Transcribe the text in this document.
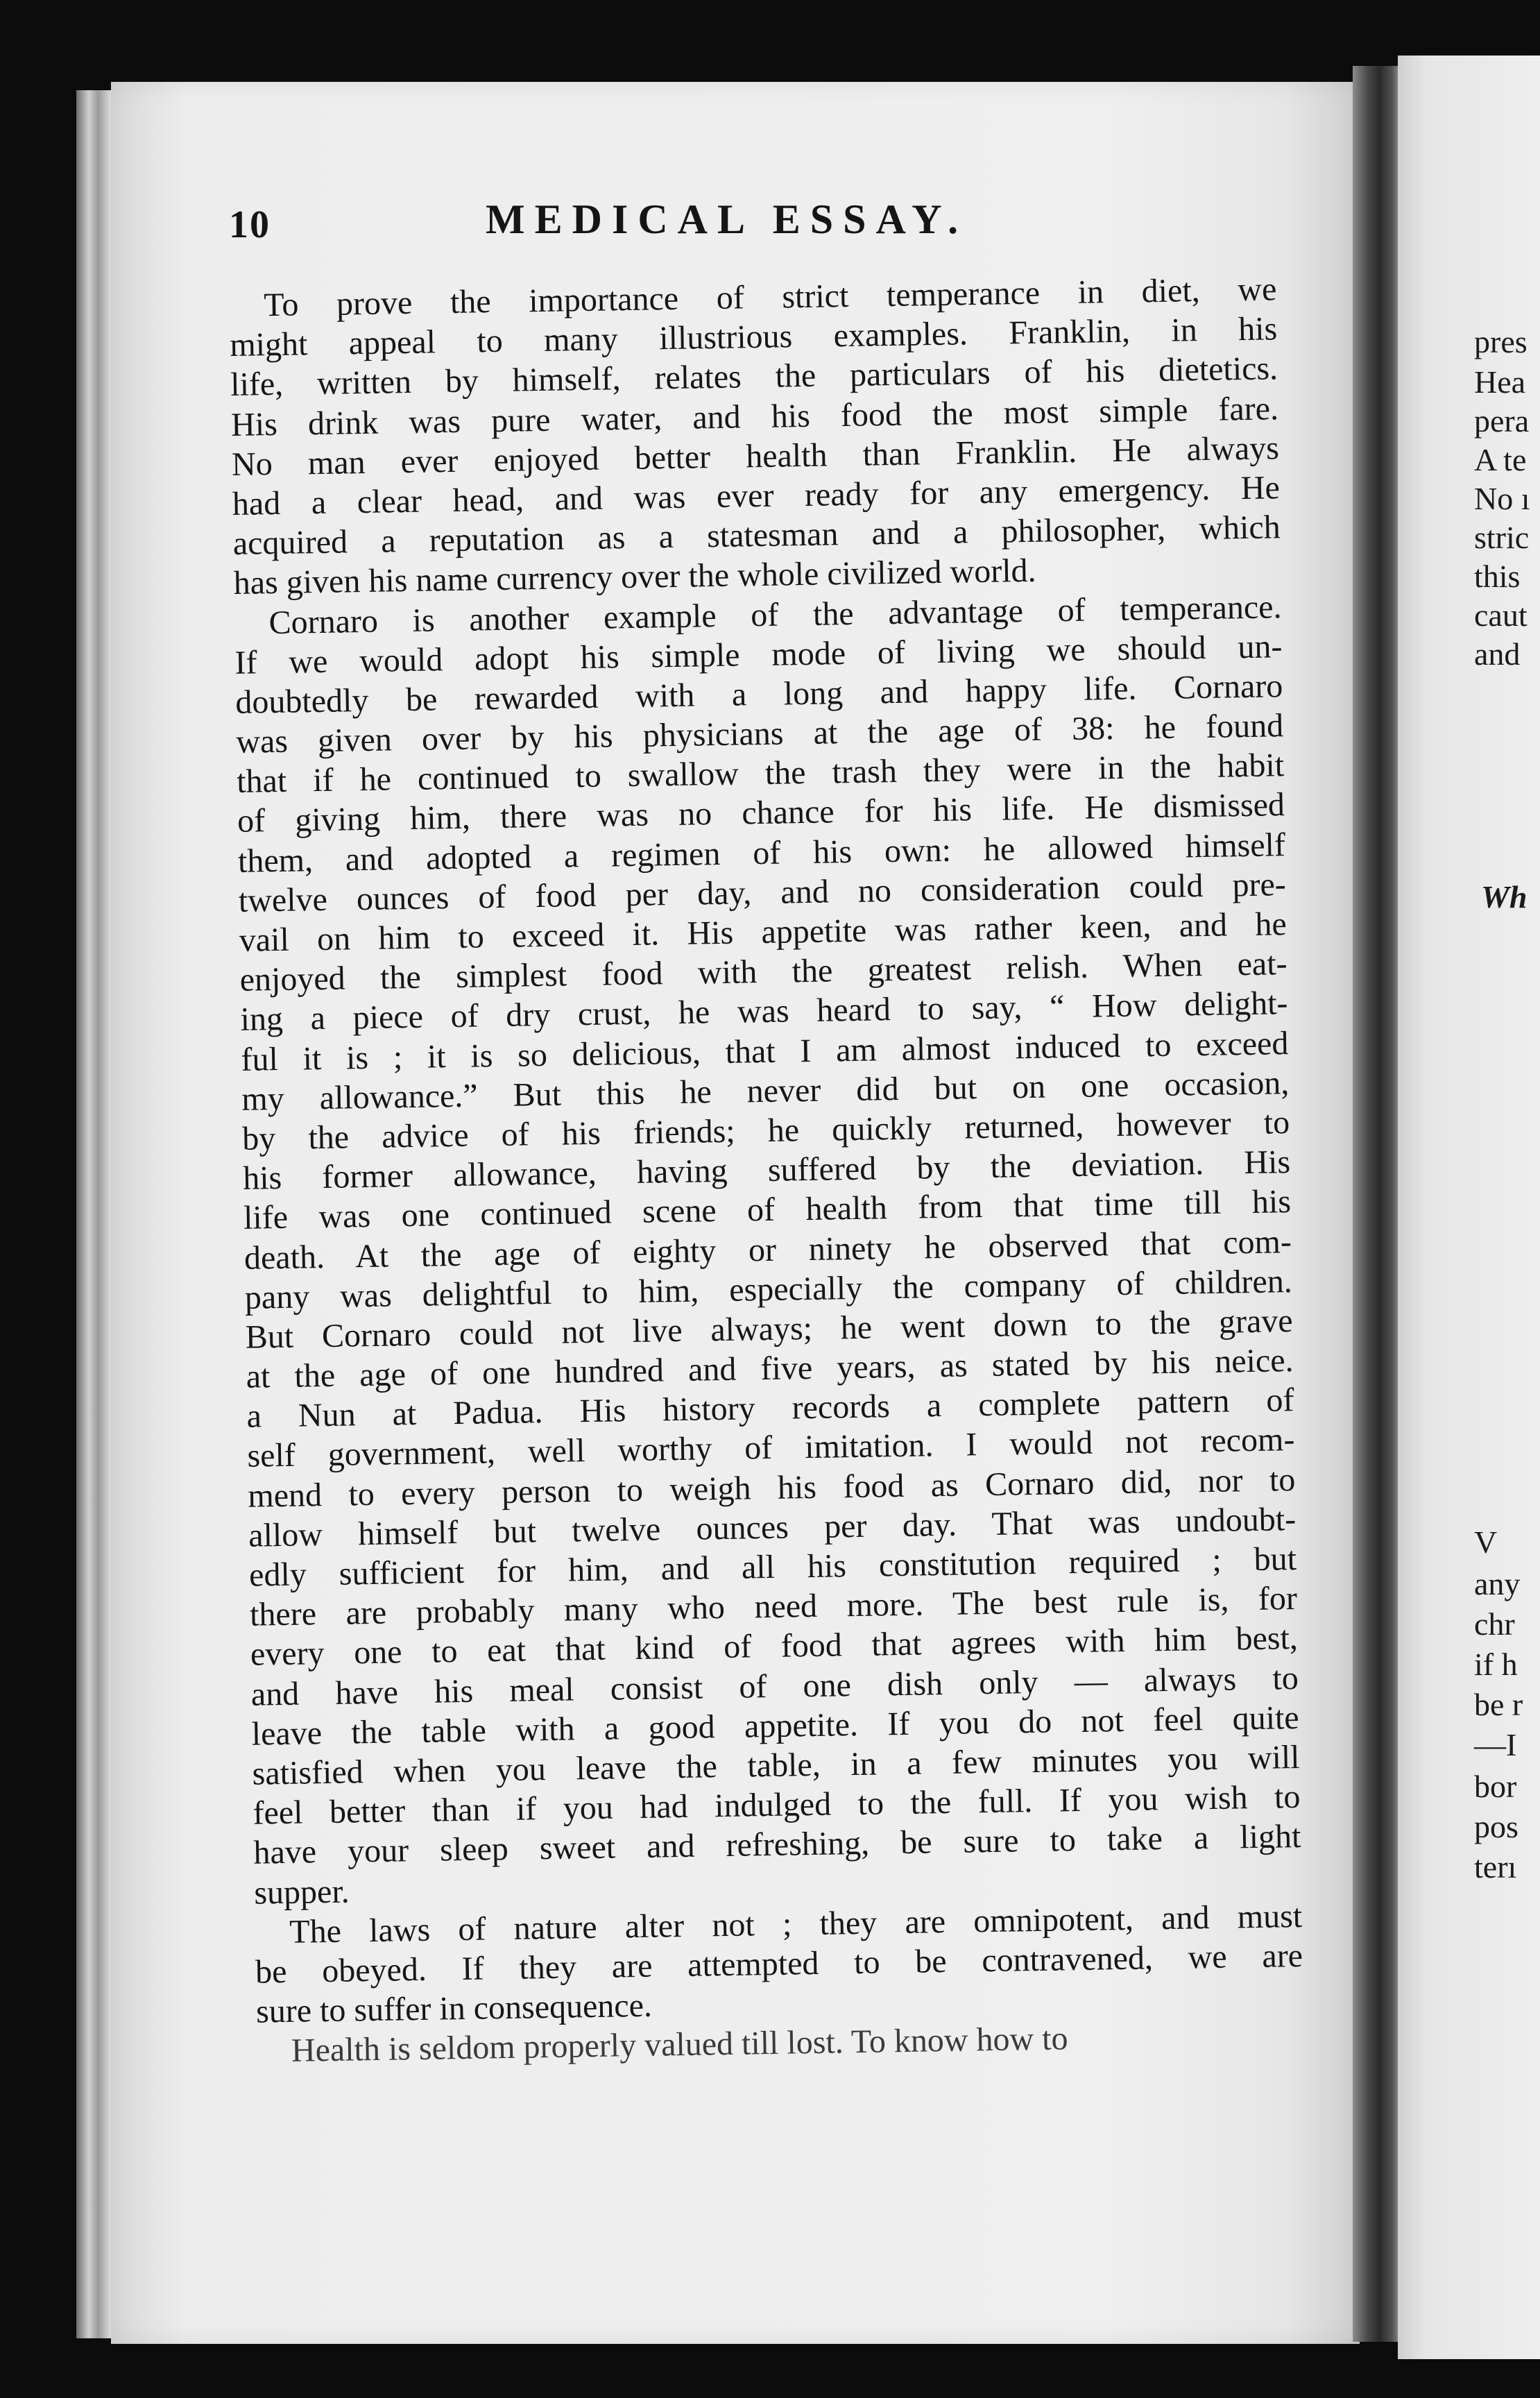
10	MEDICAL ESSAY.
To prove the importance of strict temperance in diet, we
might appeal to many illustrious examples. Franklin, in his
life, written by himself, relates the particulars of his dietetics.
His drink was pure water, and his food the most simple fare.
No man ever enjoyed better health than Franklin. He always
had a clear head, and was ever ready for any emergency. He
acquired a reputation as a statesman and a philosopher, which
has given his name currency over the whole civilized world.
Cornaro is another example of the advantage of temperance.
If we would adopt his simple mode of living we should un-
doubtedly be rewarded with a long and happy life. Cornaro
was given over by his physicians at the age of 38: he found
that if he continued to swallow the trash they were in the habit
of giving him, there was no chance for his life. He dismissed
them, and adopted a regimen of his own: he allowed himself
twelve ounces of food per day, and no consideration could pre-
vail on him to exceed it. His appetite was rather keen, and he
enjoyed the simplest food with the greatest relish. When eat-
ing a piece of dry crust, he was heard to say, “ How delight-
ful it is ; it is so delicious, that I am almost induced to exceed
my allowance.” But this he never did but on one occasion,
by the advice of his friends; he quickly returned, however to
his former allowance, having suffered by the deviation. His
life was one continued scene of health from that time till his
death. At the age of eighty or ninety he observed that com-
pany was delightful to him, especially the company of children.
But Cornaro could not live always; he went down to the grave
at the age of one hundred and five years, as stated by his neice.
a Nun at Padua. His history records a complete pattern of
self government, well worthy of imitation. I would not recom-
mend to every person to weigh his food as Cornaro did, nor to
allow himself but twelve ounces per day. That was undoubt-
edly sufficient for him, and all his constitution required ; but
there are probably many who need more. The best rule is, for
every one to eat that kind of food that agrees with him best,
and have his meal consist of one dish only — always to
leave the table with a good appetite. If you do not feel quite
satisfied when you leave the table, in a few minutes you will
feel better than if you had indulged to the full. If you wish to
have your sleep sweet and refreshing, be sure to take a light
supper.
The laws of nature alter not ; they are omnipotent, and must
be obeyed. If they are attempted to be contravened, we are
sure to suffer in consequence.
Health is seldom properly valued till lost. To know how to
pres
Hea
pera
A te
No ı
stric
this
caut
and
Wh
V
any
chr
if h
be r
—I
bor
pos
terı
